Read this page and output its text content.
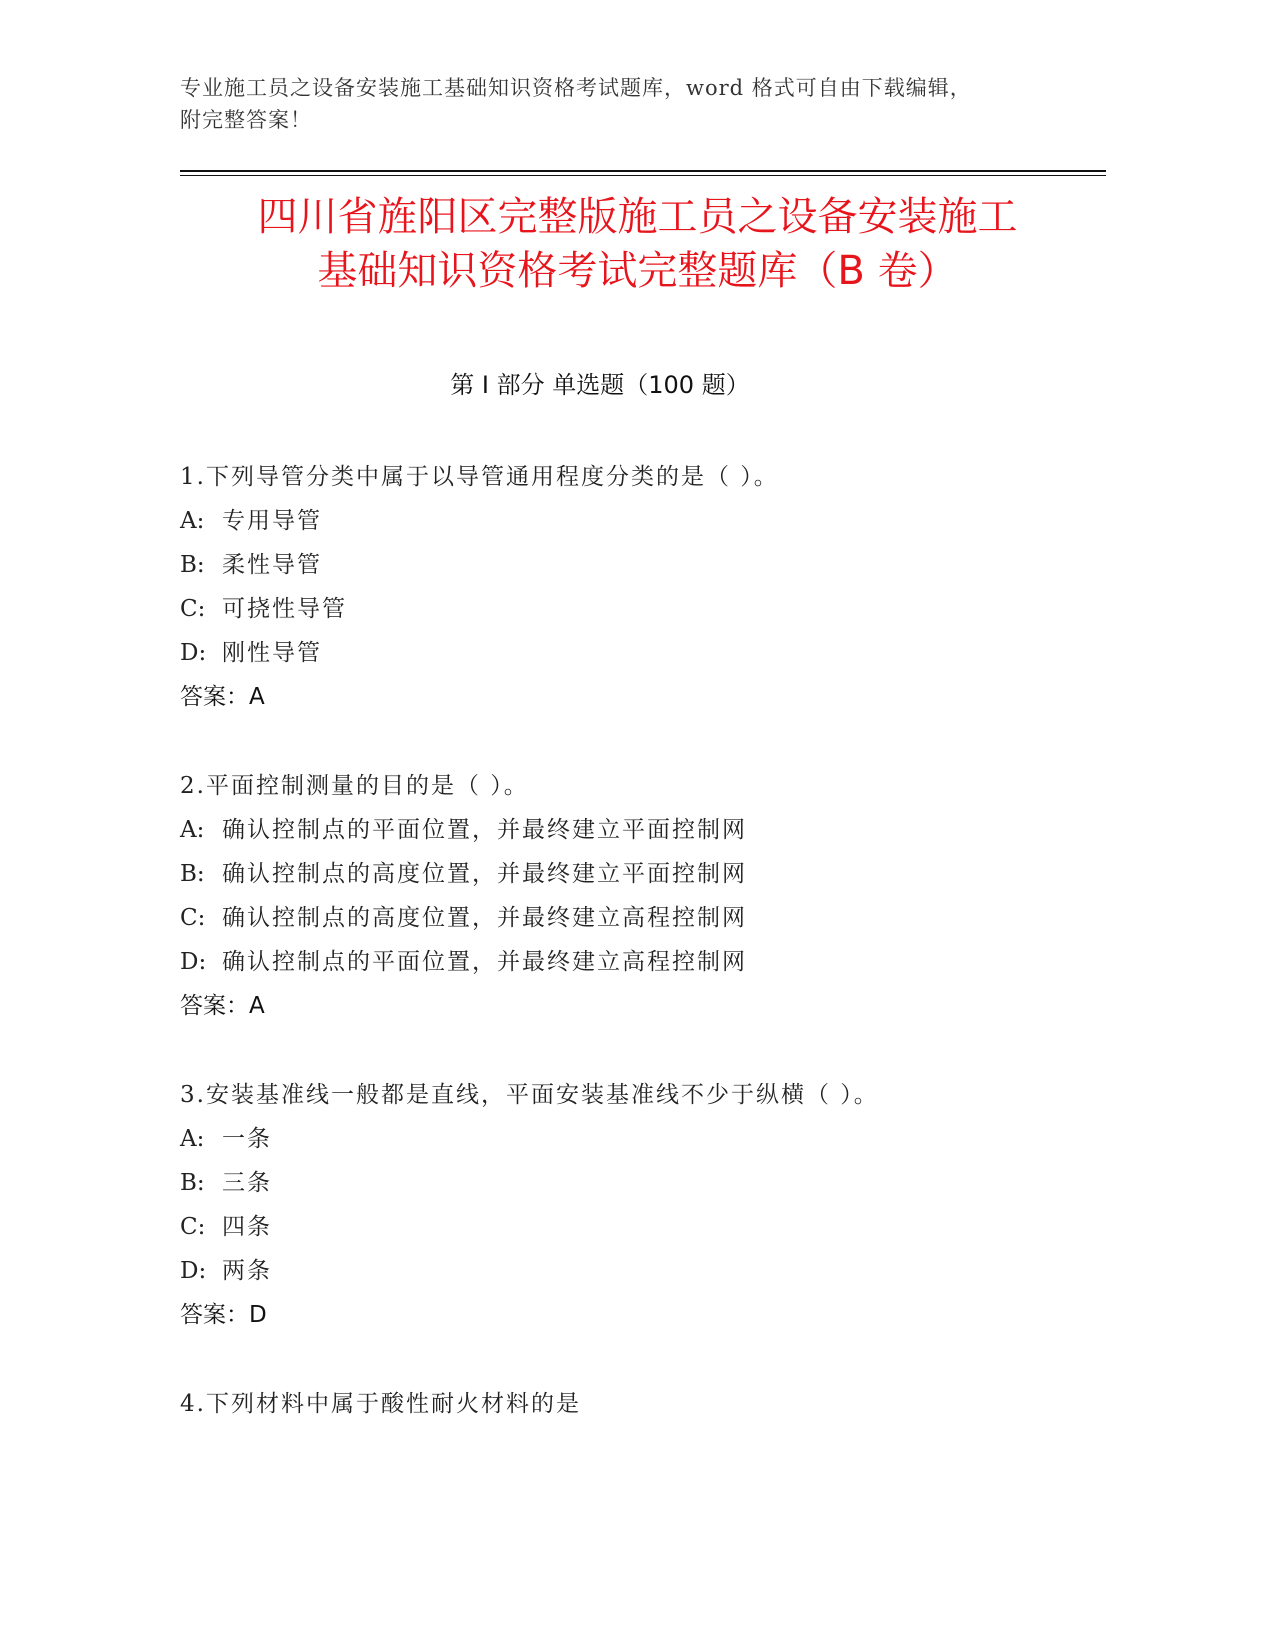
专业施工员之设备安装施工基础知识资格考试题库，word 格式可自由下载编辑，
附完整答案！
四川省旌阳区完整版施工员之设备安装施工
基础知识资格考试完整题库（B 卷）
第 I 部分 单选题（100 题）
1.下列导管分类中属于以导管通用程度分类的是（ ）。
A: 专用导管
B: 柔性导管
C: 可挠性导管
D: 刚性导管
答案：A
2.平面控制测量的目的是（ ）。
A: 确认控制点的平面位置，并最终建立平面控制网
B: 确认控制点的高度位置，并最终建立平面控制网
C: 确认控制点的高度位置，并最终建立高程控制网
D: 确认控制点的平面位置，并最终建立高程控制网
答案：A
3.安装基准线一般都是直线，平面安装基准线不少于纵横（ ）。
A: 一条
B: 三条
C: 四条
D: 两条
答案：D
4.下列材料中属于酸性耐火材料的是
